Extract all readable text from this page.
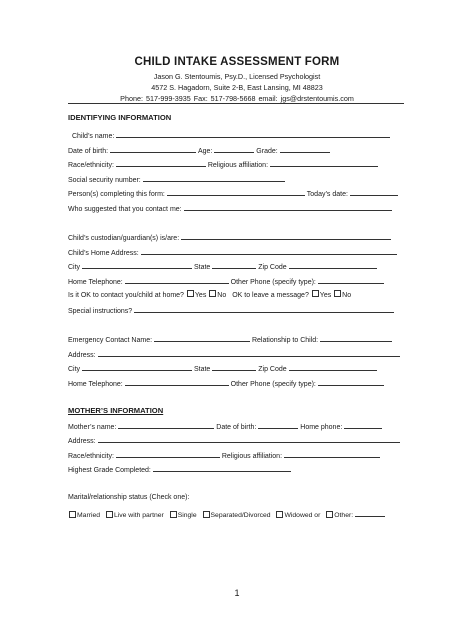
CHILD INTAKE ASSESSMENT FORM
Jason G. Stentoumis, Psy.D., Licensed Psychologist
4572 S. Hagadorn, Suite 2-B, East Lansing, MI 48823
Phone: 517-999-3935 Fax: 517-798-5668 email: jgs@drstentoumis.com
IDENTIFYING INFORMATION
Child’s name:
Date of birth:	Age:	Grade:
Race/ethnicity:	Religious affiliation:
Social security number:
Person(s) completing this form:	Today’s date:
Who suggested that you contact me:
Child’s custodian/guardian(s) is/are:
Child’s Home Address:
City	State	Zip Code
Home Telephone:	Other Phone (specify type):
Is it OK to contact you/child at home? Yes No OK to leave a message? Yes No
Special instructions?
Emergency Contact Name:	Relationship to Child:
Address:
City	State	Zip Code
Home Telephone:	Other Phone (specify type):
MOTHER’S INFORMATION
Mother’s name:	Date of birth:	Home phone:
Address:
Race/ethnicity:	Religious affiliation:
Highest Grade Completed:
Marital/relationship status (Check one):
Married Live with partner Single Separated/Divorced Widowed or Other:
1
